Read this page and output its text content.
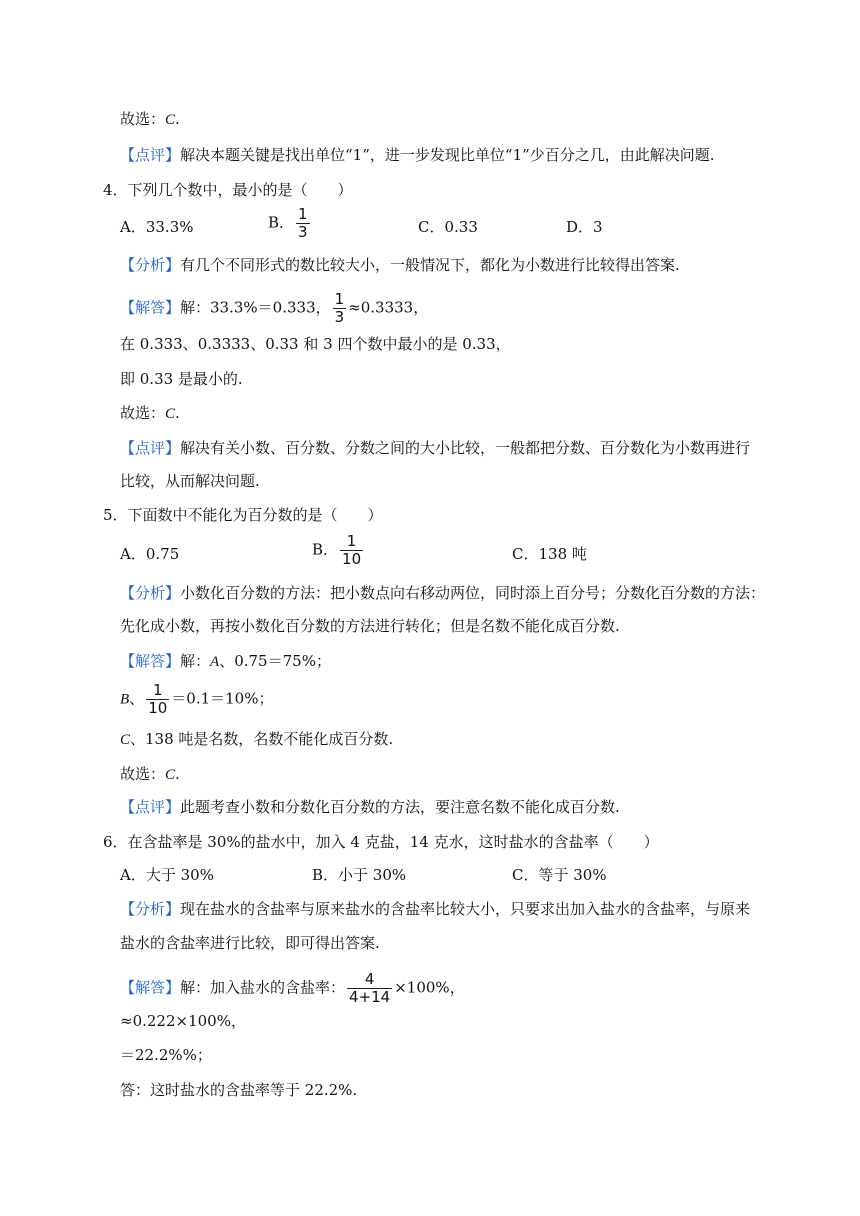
故选：C.
【点评】解决本题关键是找出单位“1”，进一步发现比单位“1”少百分之几，由此解决问题.
4．下列几个数中，最小的是（　　）
A．33.3%	B． $\frac{1}{3}$	C．0.33	D．3
【分析】有几个不同形式的数比较大小，一般情况下，都化为小数进行比较得出答案.
【解答】解：33.3%＝0.333， $\frac{1}{3} \approx 0.3333$，
在 0.333、0.3333、0.33 和 3 四个数中最小的是 0.33，
即 0.33 是最小的.
故选：C.
【点评】解决有关小数、百分数、分数之间的大小比较，一般都把分数、百分数化为小数再进行
比较，从而解决问题.
5．下面数中不能化为百分数的是（　　）
A．0.75	B． $\frac{1}{10}$	C．138 吨
【分析】小数化百分数的方法：把小数点向右移动两位，同时添上百分号；分数化百分数的方法：
先化成小数，再按小数化百分数的方法进行转化；但是名数不能化成百分数.
【解答】解：A、0.75＝75%；
B、 $\frac{1}{10} =0.1=10\%$；
C、138 吨是名数，名数不能化成百分数.
故选：C.
【点评】此题考查小数和分数化百分数的方法，要注意名数不能化成百分数.
6．在含盐率是 30%的盐水中，加入 4 克盐，14 克水，这时盐水的含盐率（　　）
A．大于 30%	B．小于 30%	C．等于 30%
【分析】现在盐水的含盐率与原来盐水的含盐率比较大小，只要求出加入盐水的含盐率，与原来
盐水的含盐率进行比较，即可得出答案.
【解答】解：加入盐水的含盐率： $\frac{4}{4+14} \times 100\%$，
≈0.222×100%，
＝22.2%%；
答：这时盐水的含盐率等于 22.2%.
